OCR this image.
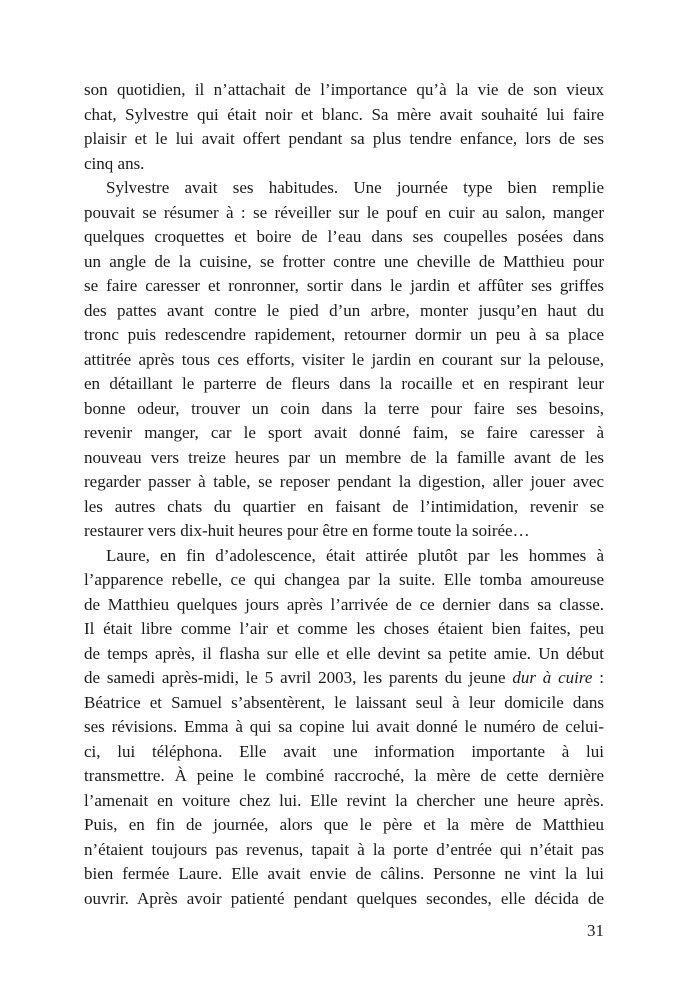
son quotidien, il n’attachait de l’importance qu’à la vie de son vieux
chat, Sylvestre qui était noir et blanc. Sa mère avait souhaité lui faire
plaisir et le lui avait offert pendant sa plus tendre enfance, lors de ses
cinq ans.

Sylvestre avait ses habitudes. Une journée type bien remplie
pouvait se résumer à : se réveiller sur le pouf en cuir au salon, manger
quelques croquettes et boire de l’eau dans ses coupelles posées dans
un angle de la cuisine, se frotter contre une cheville de Matthieu pour
se faire caresser et ronronner, sortir dans le jardin et affûter ses griffes
des pattes avant contre le pied d’un arbre, monter jusqu’en haut du
tronc puis redescendre rapidement, retourner dormir un peu à sa place
attitrée après tous ces efforts, visiter le jardin en courant sur la pelouse,
en détaillant le parterre de fleurs dans la rocaille et en respirant leur
bonne odeur, trouver un coin dans la terre pour faire ses besoins,
revenir manger, car le sport avait donné faim, se faire caresser à
nouveau vers treize heures par un membre de la famille avant de les
regarder passer à table, se reposer pendant la digestion, aller jouer avec
les autres chats du quartier en faisant de l’intimidation, revenir se
restaurer vers dix-huit heures pour être en forme toute la soirée…

Laure, en fin d’adolescence, était attirée plutôt par les hommes à
l’apparence rebelle, ce qui changea par la suite. Elle tomba amoureuse
de Matthieu quelques jours après l’arrivée de ce dernier dans sa classe.
Il était libre comme l’air et comme les choses étaient bien faites, peu
de temps après, il flasha sur elle et elle devint sa petite amie. Un début
de samedi après-midi, le 5 avril 2003, les parents du jeune dur à cuire :
Béatrice et Samuel s’absentèrent, le laissant seul à leur domicile dans
ses révisions. Emma à qui sa copine lui avait donné le numéro de celui-
ci, lui téléphona. Elle avait une information importante à lui
transmettre. À peine le combiné raccroché, la mère de cette dernière
l’amenait en voiture chez lui. Elle revint la chercher une heure après.
Puis, en fin de journée, alors que le père et la mère de Matthieu
n’étaient toujours pas revenus, tapait à la porte d’entrée qui n’était pas
bien fermée Laure. Elle avait envie de câlins. Personne ne vint la lui
ouvrir. Après avoir patienté pendant quelques secondes, elle décida de

31
